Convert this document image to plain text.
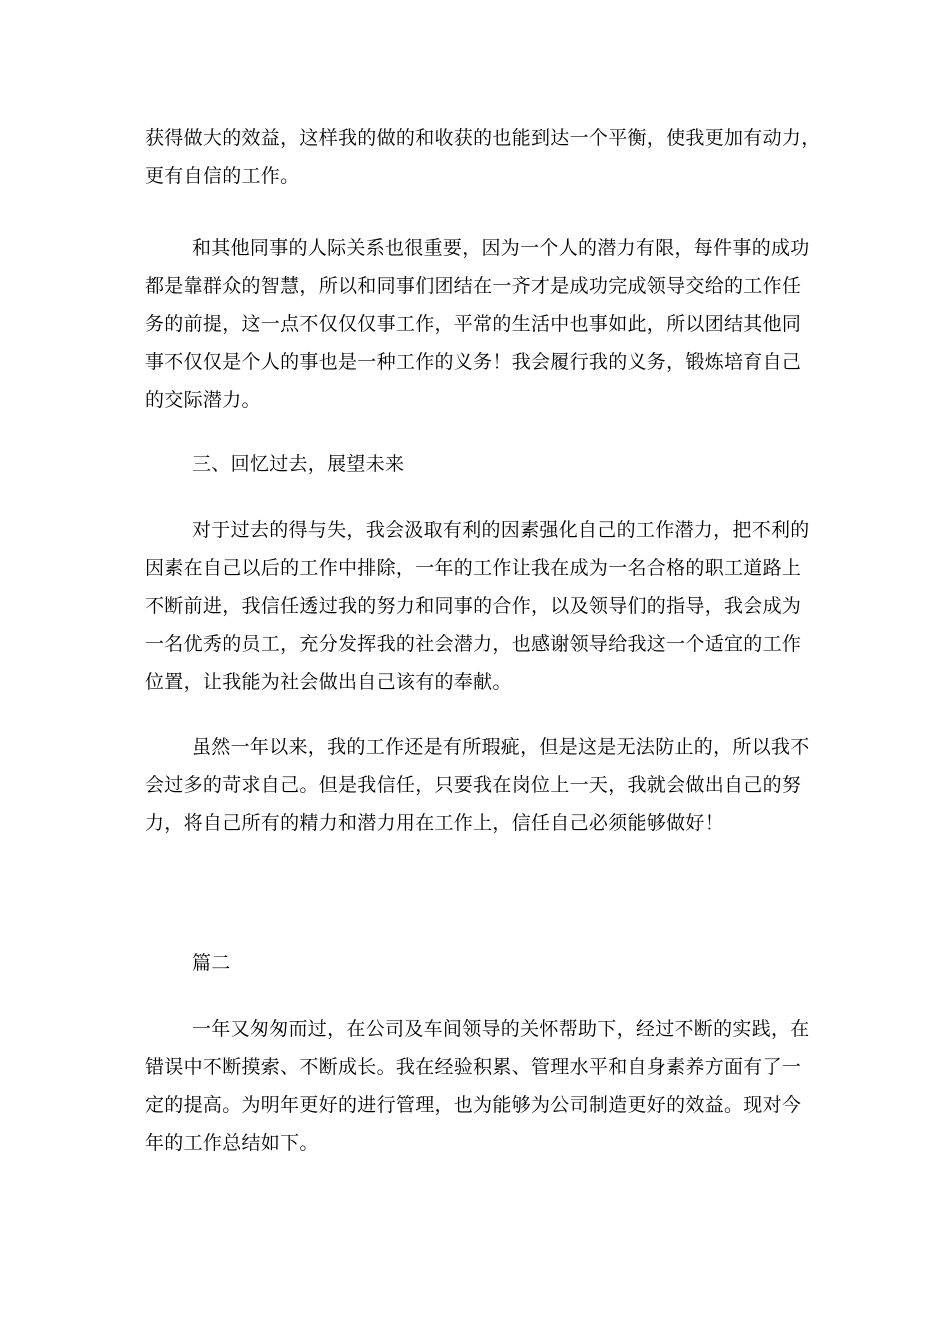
获得做大的效益，这样我的做的和收获的也能到达一个平衡，使我更加有动力，
更有自信的工作。
和其他同事的人际关系也很重要，因为一个人的潜力有限，每件事的成功
都是靠群众的智慧，所以和同事们团结在一齐才是成功完成领导交给的工作任
务的前提，这一点不仅仅仅事工作，平常的生活中也事如此，所以团结其他同
事不仅仅是个人的事也是一种工作的义务！我会履行我的义务，锻炼培育自己
的交际潜力。
三、回忆过去，展望未来
对于过去的得与失，我会汲取有利的因素强化自己的工作潜力，把不利的
因素在自己以后的工作中排除，一年的工作让我在成为一名合格的职工道路上
不断前进，我信任透过我的努力和同事的合作，以及领导们的指导，我会成为
一名优秀的员工，充分发挥我的社会潜力，也感谢领导给我这一个适宜的工作
位置，让我能为社会做出自己该有的奉献。
虽然一年以来，我的工作还是有所瑕疵，但是这是无法防止的，所以我不
会过多的苛求自己。但是我信任，只要我在岗位上一天，我就会做出自己的努
力，将自己所有的精力和潜力用在工作上，信任自己必须能够做好！
篇二
一年又匆匆而过，在公司及车间领导的关怀帮助下，经过不断的实践，在
错误中不断摸索、不断成长。我在经验积累、管理水平和自身素养方面有了一
定的提高。为明年更好的进行管理，也为能够为公司制造更好的效益。现对今
年的工作总结如下。
